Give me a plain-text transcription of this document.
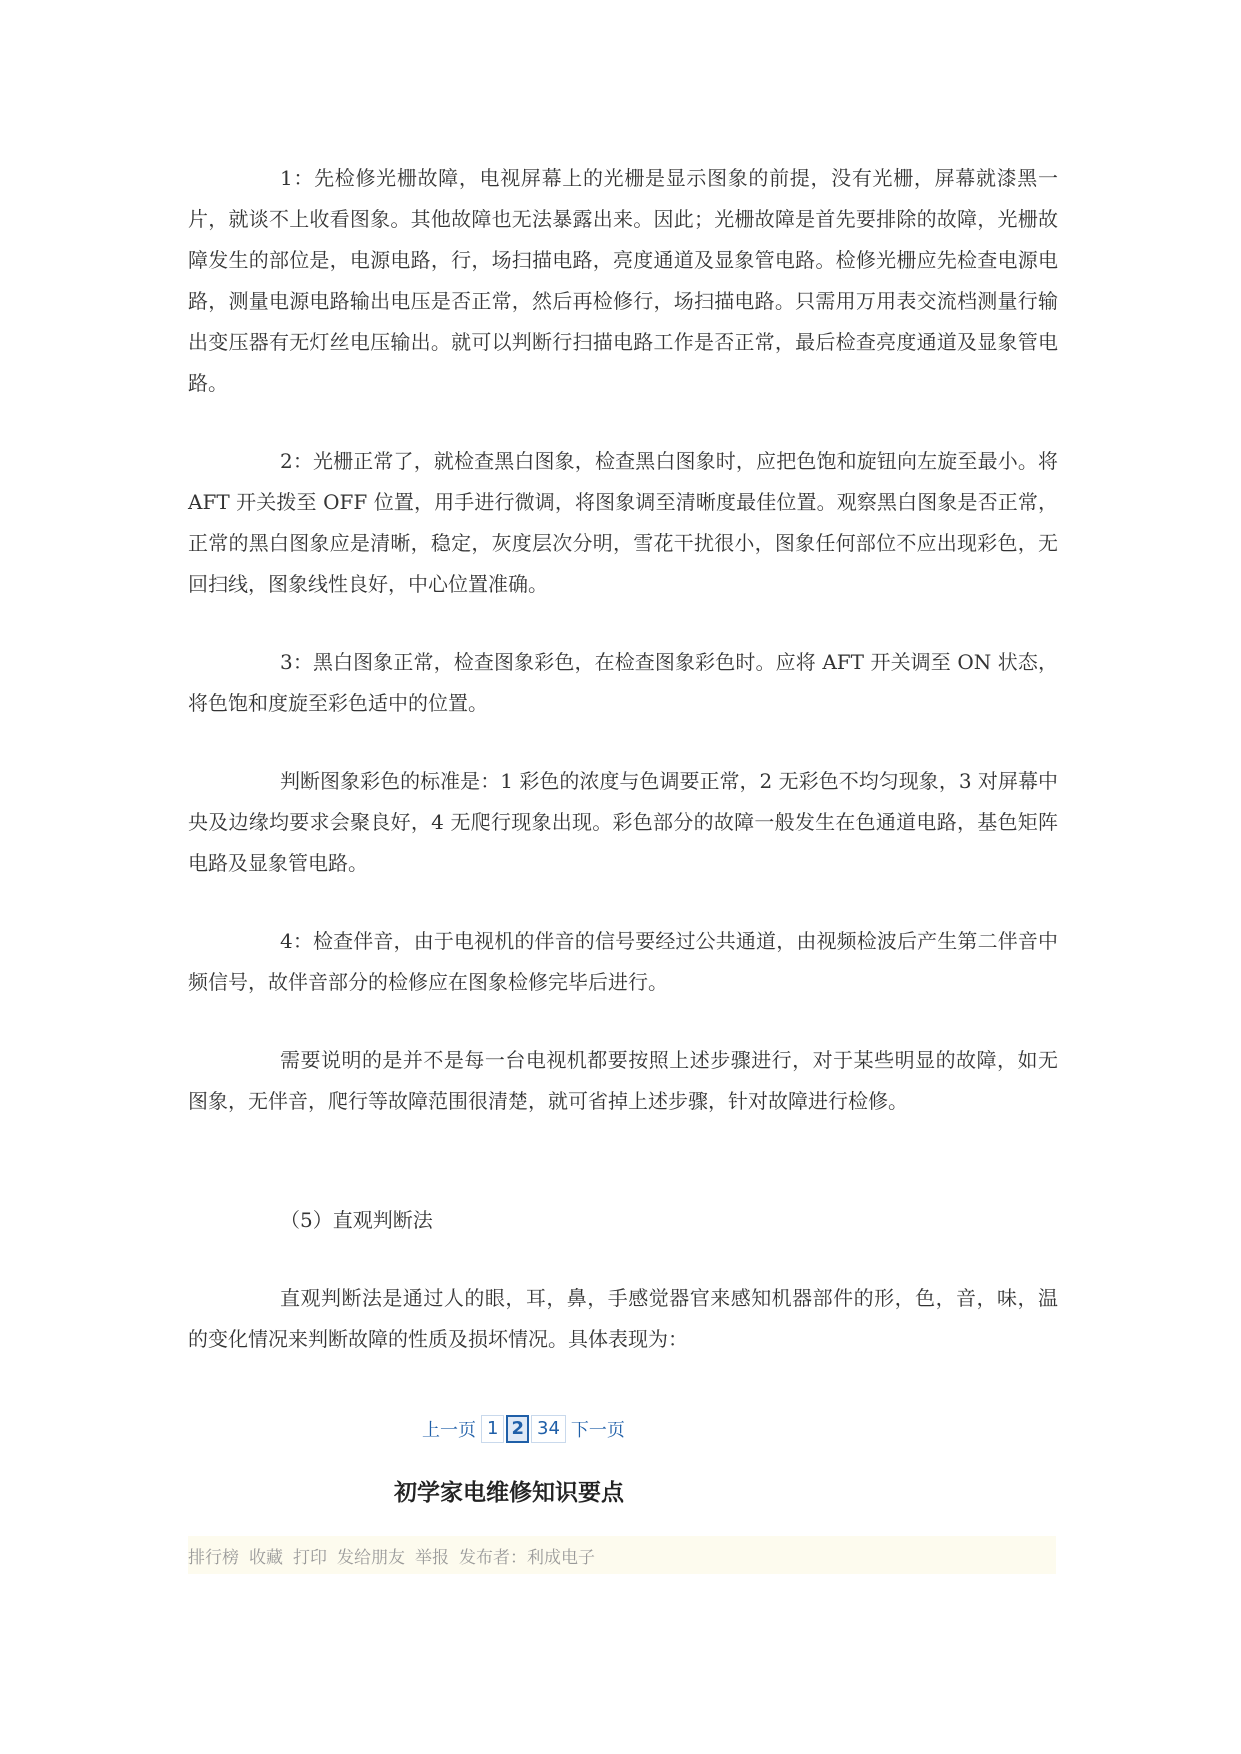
1：先检修光栅故障，电视屏幕上的光栅是显示图象的前提，没有光栅，屏幕就漆黑一片，就谈不上收看图象。其他故障也无法暴露出来。因此；光栅故障是首先要排除的故障，光栅故障发生的部位是，电源电路，行，场扫描电路，亮度通道及显象管电路。检修光栅应先检查电源电路，测量电源电路输出电压是否正常，然后再检修行，场扫描电路。只需用万用表交流档测量行输出变压器有无灯丝电压输出。就可以判断行扫描电路工作是否正常，最后检查亮度通道及显象管电路。

2：光栅正常了，就检查黑白图象，检查黑白图象时，应把色饱和旋钮向左旋至最小。将 AFT 开关拨至 OFF 位置，用手进行微调，将图象调至清晰度最佳位置。观察黑白图象是否正常，正常的黑白图象应是清晰，稳定，灰度层次分明，雪花干扰很小，图象任何部位不应出现彩色，无回扫线，图象线性良好，中心位置准确。

3：黑白图象正常，检查图象彩色，在检查图象彩色时。应将 AFT 开关调至 ON 状态，将色饱和度旋至彩色适中的位置。

判断图象彩色的标准是：1 彩色的浓度与色调要正常，2 无彩色不均匀现象，3 对屏幕中央及边缘均要求会聚良好，4 无爬行现象出现。彩色部分的故障一般发生在色通道电路，基色矩阵电路及显象管电路。

4：检查伴音，由于电视机的伴音的信号要经过公共通道，由视频检波后产生第二伴音中频信号，故伴音部分的检修应在图象检修完毕后进行。

需要说明的是并不是每一台电视机都要按照上述步骤进行，对于某些明显的故障，如无图象，无伴音，爬行等故障范围很清楚，就可省掉上述步骤，针对故障进行检修。

（5）直观判断法

直观判断法是通过人的眼，耳，鼻，手感觉器官来感知机器部件的形，色，音，味，温的变化情况来判断故障的性质及损坏情况。具体表现为：

上一页 1 2 3 4 下一页
初学家电维修知识要点
排行榜 收藏 打印 发给朋友 举报 发布者： 利成电子
